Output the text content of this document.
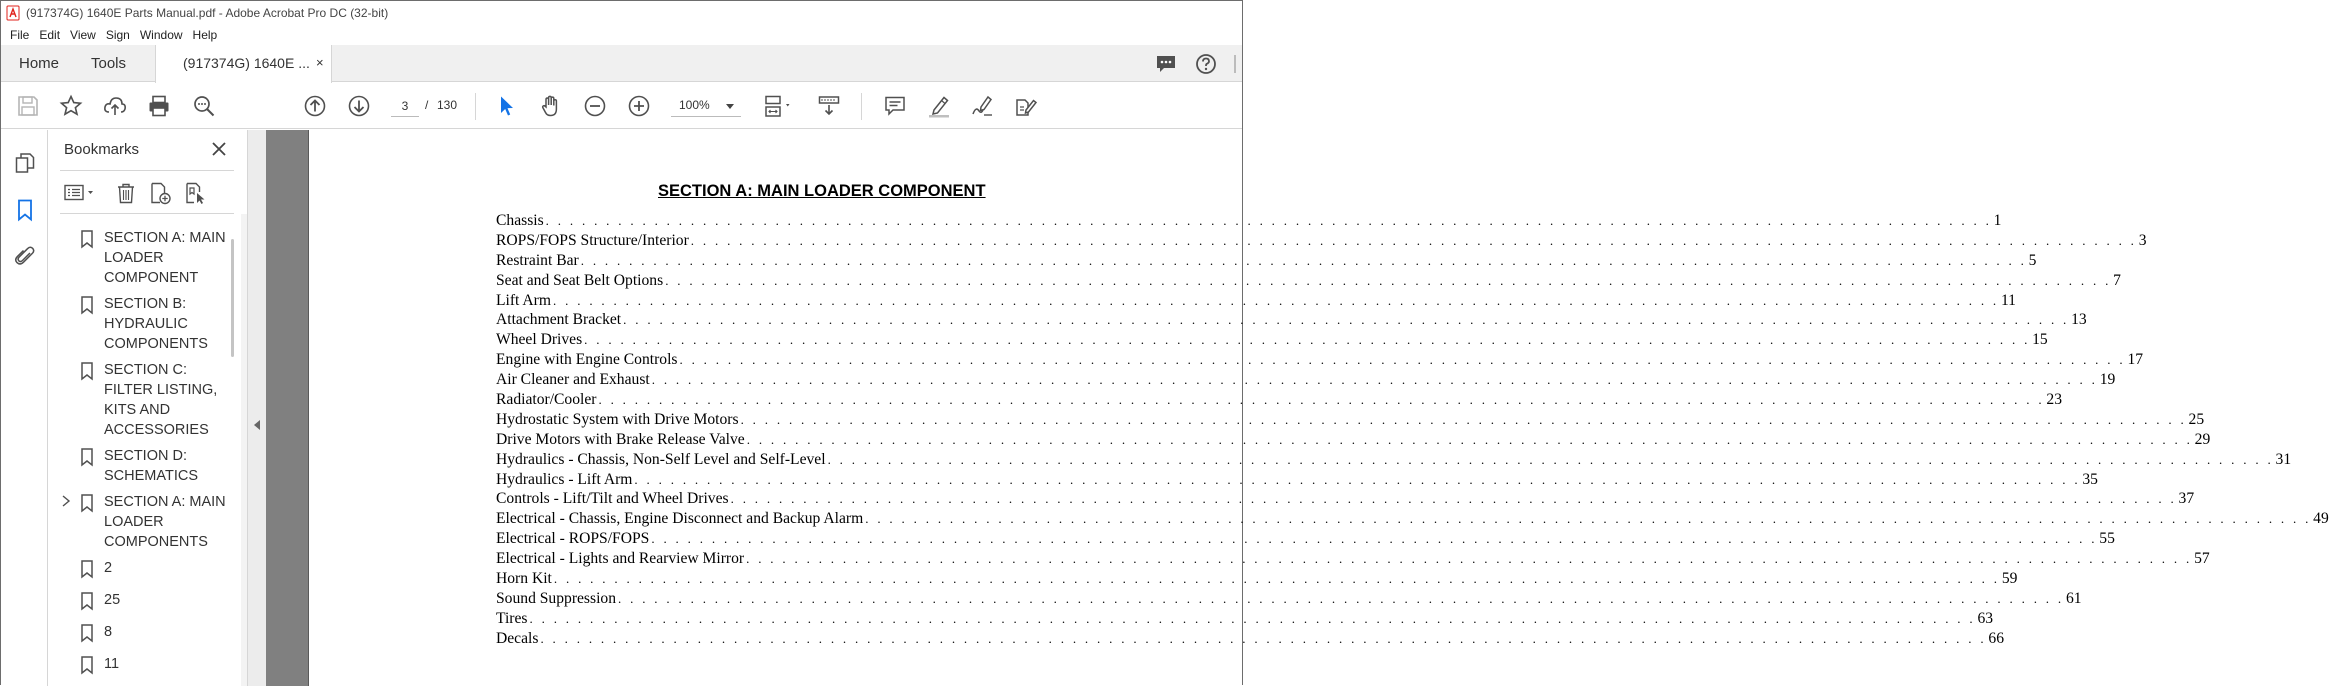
(917374G) 1640E Parts Manual.pdf - Adobe Acrobat Pro DC (32-bit)
File Edit View Sign Window Help
Home Tools	(917374G) 1640E ... ×
3
/ 130	100%
Bookmarks
SECTION A: MAIN LOADER COMPONENT
SECTION B: HYDRAULIC COMPONENTS
SECTION C: FILTER LISTING, KITS AND ACCESSORIES
SECTION D: SCHEMATICS
SECTION A: MAIN LOADER COMPONENTS
2
25
8
11
SECTION A: MAIN LOADER COMPONENT
Chassis . . . . . . . . . . . . . . . . . . . . . . . . . . . . . . . . . . . . . . . . . . . . . . . . . . . . . . . . . . . . . . . . . . . . . . . . . . . . . . . . . . . . . . . . . . . . . . . . . . . . . . . . . . . . . . . . . . . . . . . . 1
ROPS/FOPS Structure/Interior . . . . . . . . . . . . . . . . . . . . . . . . . . . . . . . . . . . . . . . . . . . . . . . . . . . . . . . . . . . . . . . . . . . . . . . . . . . . . . . . . . . . . . . . . . . . . . . . . . . . . . . . . . . . . . . . . . . . . . . . 3
Restraint Bar . . . . . . . . . . . . . . . . . . . . . . . . . . . . . . . . . . . . . . . . . . . . . . . . . . . . . . . . . . . . . . . . . . . . . . . . . . . . . . . . . . . . . . . . . . . . . . . . . . . . . . . . . . . . . . . . . . . . . . . . 5
Seat and Seat Belt Options . . . . . . . . . . . . . . . . . . . . . . . . . . . . . . . . . . . . . . . . . . . . . . . . . . . . . . . . . . . . . . . . . . . . . . . . . . . . . . . . . . . . . . . . . . . . . . . . . . . . . . . . . . . . . . . . . . . . . . . . 7
Lift Arm . . . . . . . . . . . . . . . . . . . . . . . . . . . . . . . . . . . . . . . . . . . . . . . . . . . . . . . . . . . . . . . . . . . . . . . . . . . . . . . . . . . . . . . . . . . . . . . . . . . . . . . . . . . . . . . . . . . . . . . . 11
Attachment Bracket . . . . . . . . . . . . . . . . . . . . . . . . . . . . . . . . . . . . . . . . . . . . . . . . . . . . . . . . . . . . . . . . . . . . . . . . . . . . . . . . . . . . . . . . . . . . . . . . . . . . . . . . . . . . . . . . . . . . . . . . 13
Wheel Drives . . . . . . . . . . . . . . . . . . . . . . . . . . . . . . . . . . . . . . . . . . . . . . . . . . . . . . . . . . . . . . . . . . . . . . . . . . . . . . . . . . . . . . . . . . . . . . . . . . . . . . . . . . . . . . . . . . . . . . . . 15
Engine with Engine Controls . . . . . . . . . . . . . . . . . . . . . . . . . . . . . . . . . . . . . . . . . . . . . . . . . . . . . . . . . . . . . . . . . . . . . . . . . . . . . . . . . . . . . . . . . . . . . . . . . . . . . . . . . . . . . . . . . . . . . . . . 17
Air Cleaner and Exhaust . . . . . . . . . . . . . . . . . . . . . . . . . . . . . . . . . . . . . . . . . . . . . . . . . . . . . . . . . . . . . . . . . . . . . . . . . . . . . . . . . . . . . . . . . . . . . . . . . . . . . . . . . . . . . . . . . . . . . . . . 19
Radiator/Cooler . . . . . . . . . . . . . . . . . . . . . . . . . . . . . . . . . . . . . . . . . . . . . . . . . . . . . . . . . . . . . . . . . . . . . . . . . . . . . . . . . . . . . . . . . . . . . . . . . . . . . . . . . . . . . . . . . . . . . . . . 23
Hydrostatic System with Drive Motors . . . . . . . . . . . . . . . . . . . . . . . . . . . . . . . . . . . . . . . . . . . . . . . . . . . . . . . . . . . . . . . . . . . . . . . . . . . . . . . . . . . . . . . . . . . . . . . . . . . . . . . . . . . . . . . . . . . . . . . . 25
Drive Motors with Brake Release Valve . . . . . . . . . . . . . . . . . . . . . . . . . . . . . . . . . . . . . . . . . . . . . . . . . . . . . . . . . . . . . . . . . . . . . . . . . . . . . . . . . . . . . . . . . . . . . . . . . . . . . . . . . . . . . . . . . . . . . . . . 29
Hydraulics - Chassis, Non-Self Level and Self-Level . . . . . . . . . . . . . . . . . . . . . . . . . . . . . . . . . . . . . . . . . . . . . . . . . . . . . . . . . . . . . . . . . . . . . . . . . . . . . . . . . . . . . . . . . . . . . . . . . . . . . . . . . . . . . . . . . . . . . . . . 31
Hydraulics - Lift Arm . . . . . . . . . . . . . . . . . . . . . . . . . . . . . . . . . . . . . . . . . . . . . . . . . . . . . . . . . . . . . . . . . . . . . . . . . . . . . . . . . . . . . . . . . . . . . . . . . . . . . . . . . . . . . . . . . . . . . . . . 35
Controls - Lift/Tilt and Wheel Drives . . . . . . . . . . . . . . . . . . . . . . . . . . . . . . . . . . . . . . . . . . . . . . . . . . . . . . . . . . . . . . . . . . . . . . . . . . . . . . . . . . . . . . . . . . . . . . . . . . . . . . . . . . . . . . . . . . . . . . . . 37
Electrical - Chassis, Engine Disconnect and Backup Alarm . . . . . . . . . . . . . . . . . . . . . . . . . . . . . . . . . . . . . . . . . . . . . . . . . . . . . . . . . . . . . . . . . . . . . . . . . . . . . . . . . . . . . . . . . . . . . . . . . . . . . . . . . . . . . . . . . . . . . . . . 49
Electrical - ROPS/FOPS . . . . . . . . . . . . . . . . . . . . . . . . . . . . . . . . . . . . . . . . . . . . . . . . . . . . . . . . . . . . . . . . . . . . . . . . . . . . . . . . . . . . . . . . . . . . . . . . . . . . . . . . . . . . . . . . . . . . . . . . 55
Electrical - Lights and Rearview Mirror . . . . . . . . . . . . . . . . . . . . . . . . . . . . . . . . . . . . . . . . . . . . . . . . . . . . . . . . . . . . . . . . . . . . . . . . . . . . . . . . . . . . . . . . . . . . . . . . . . . . . . . . . . . . . . . . . . . . . . . . 57
Horn Kit . . . . . . . . . . . . . . . . . . . . . . . . . . . . . . . . . . . . . . . . . . . . . . . . . . . . . . . . . . . . . . . . . . . . . . . . . . . . . . . . . . . . . . . . . . . . . . . . . . . . . . . . . . . . . . . . . . . . . . . . 59
Sound Suppression . . . . . . . . . . . . . . . . . . . . . . . . . . . . . . . . . . . . . . . . . . . . . . . . . . . . . . . . . . . . . . . . . . . . . . . . . . . . . . . . . . . . . . . . . . . . . . . . . . . . . . . . . . . . . . . . . . . . . . . . 61
Tires . . . . . . . . . . . . . . . . . . . . . . . . . . . . . . . . . . . . . . . . . . . . . . . . . . . . . . . . . . . . . . . . . . . . . . . . . . . . . . . . . . . . . . . . . . . . . . . . . . . . . . . . . . . . . . . . . . . . . . . . 63
Decals . . . . . . . . . . . . . . . . . . . . . . . . . . . . . . . . . . . . . . . . . . . . . . . . . . . . . . . . . . . . . . . . . . . . . . . . . . . . . . . . . . . . . . . . . . . . . . . . . . . . . . . . . . . . . . . . . . . . . . . . 66
